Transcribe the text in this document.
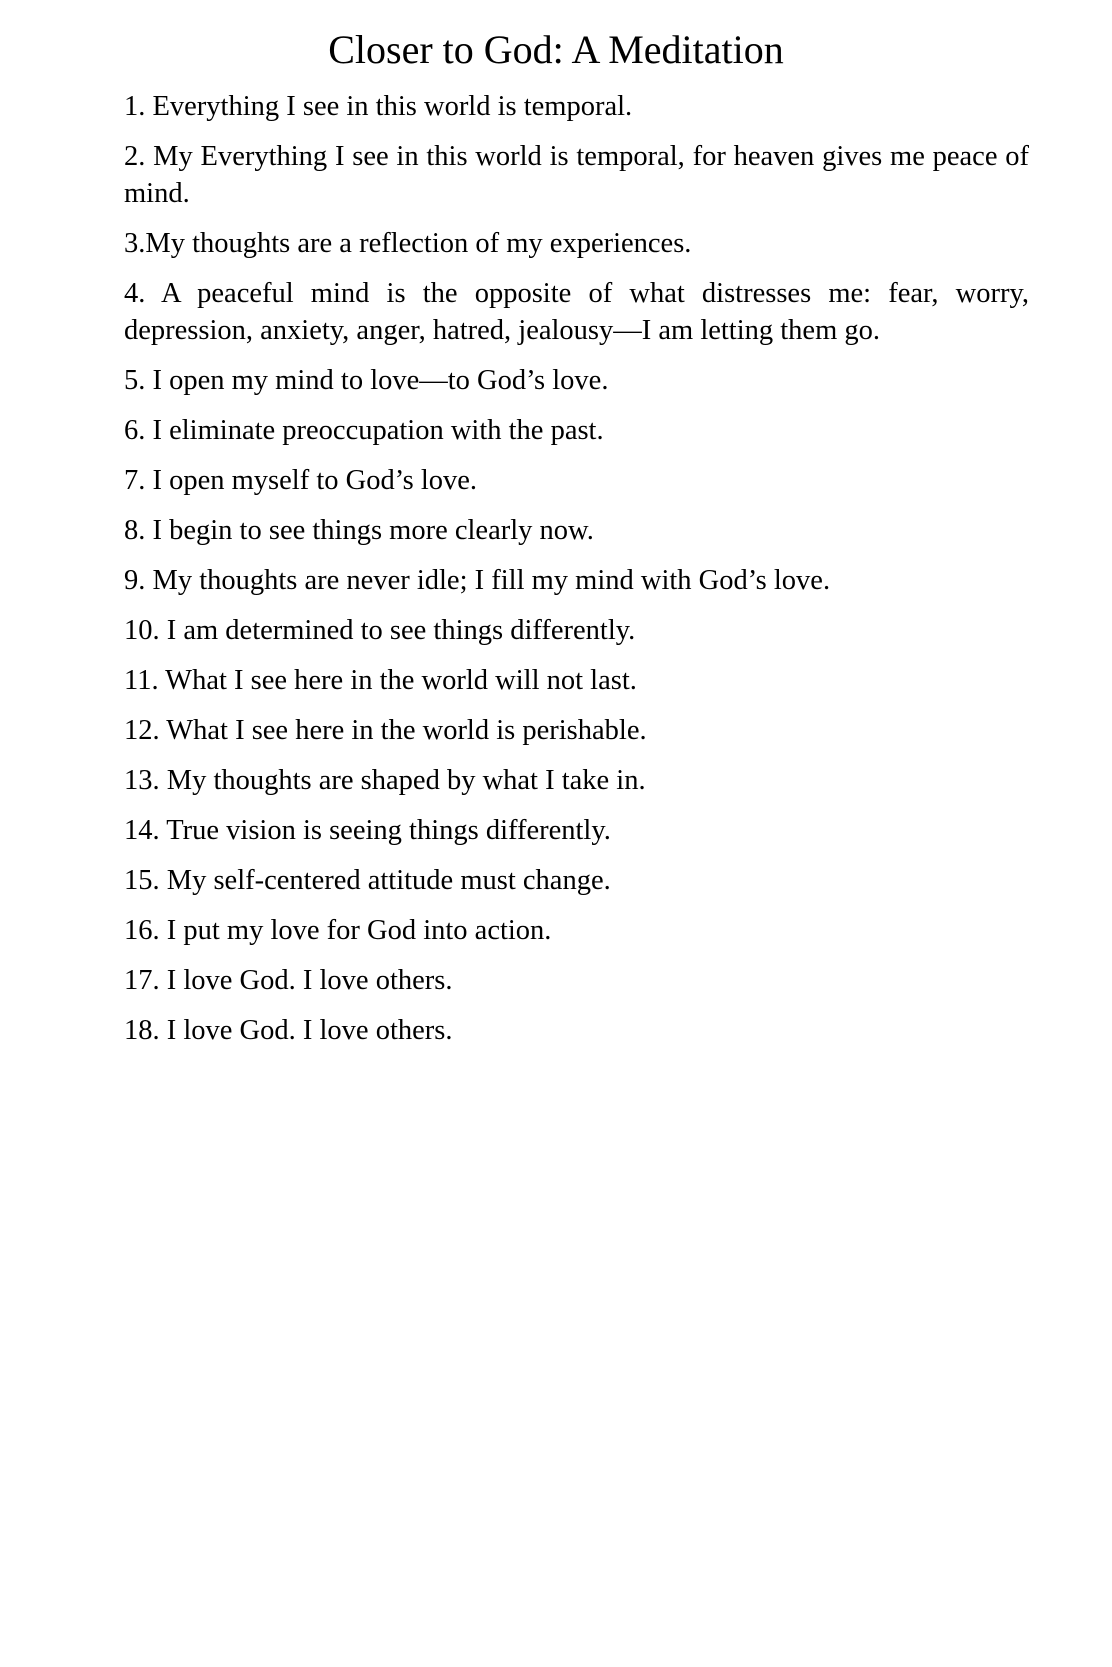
Closer to God: A Meditation
1. Everything I see in this world is temporal.
2. My Everything I see in this world is temporal, for heaven gives me peace of mind.
3.My thoughts are a reflection of my experiences.
4. A peaceful mind is the opposite of what distresses me: fear, worry, depression, anxiety, anger, hatred, jealousy—I am letting them go.
5. I open my mind to love—to God’s love.
6. I eliminate preoccupation with the past.
7. I open myself to God’s love.
8. I begin to see things more clearly now.
9. My thoughts are never idle; I fill my mind with God’s love.
10. I am determined to see things differently.
11. What I see here in the world will not last.
12. What I see here in the world is perishable.
13. My thoughts are shaped by what I take in.
14. True vision is seeing things differently.
15. My self-centered attitude must change.
16. I put my love for God into action.
17. I love God. I love others.
18. I love God. I love others.
